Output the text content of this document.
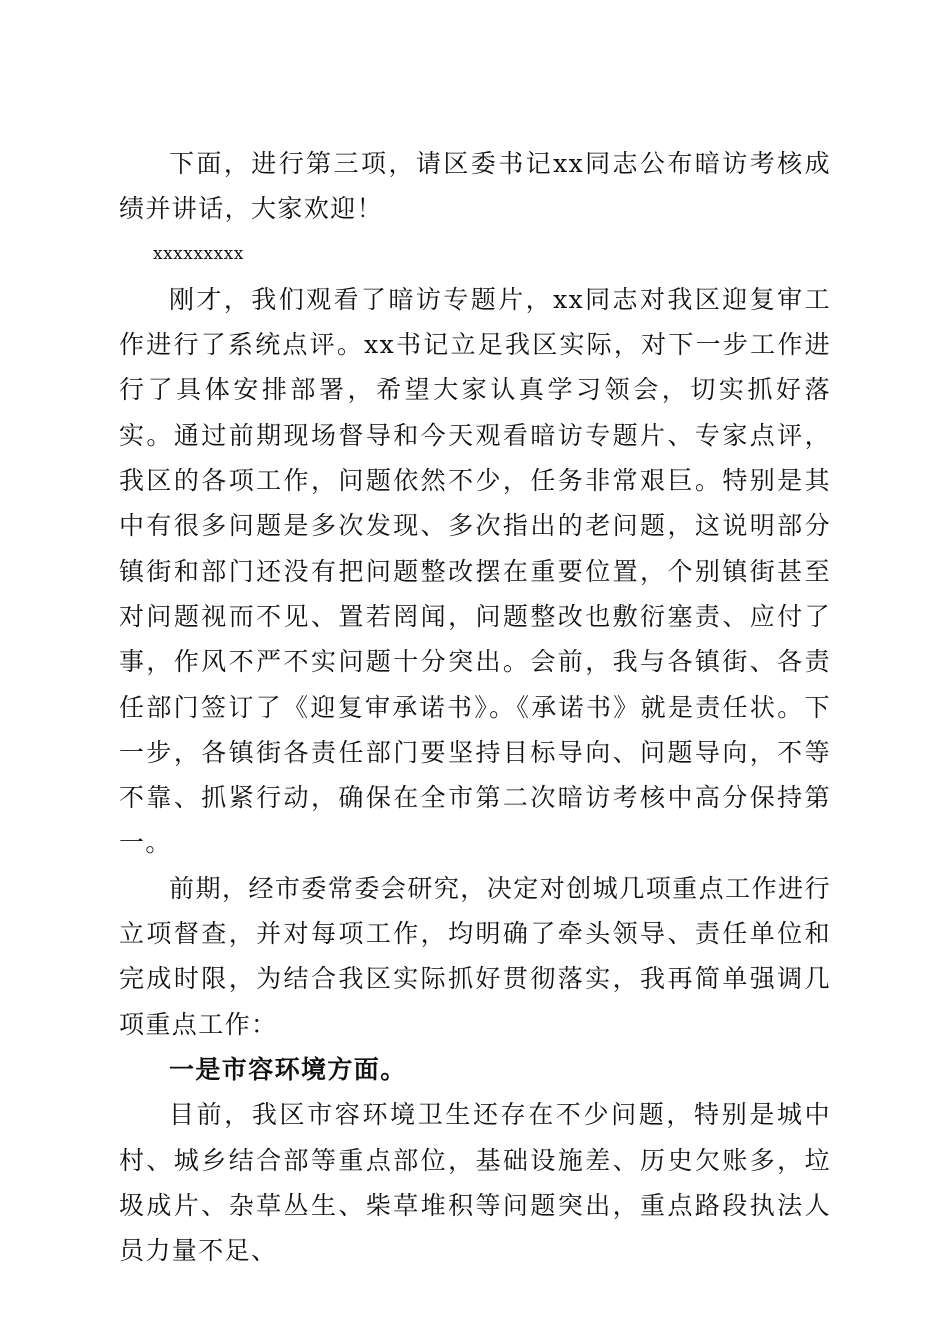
下面，进行第三项，请区委书记xx同志公布暗访考核成绩并讲话，大家欢迎！

xxxxxxxxx

刚才，我们观看了暗访专题片，xx同志对我区迎复审工作进行了系统点评。xx书记立足我区实际，对下一步工作进行了具体安排部署，希望大家认真学习领会，切实抓好落实。通过前期现场督导和今天观看暗访专题片、专家点评，我区的各项工作，问题依然不少，任务非常艰巨。特别是其中有很多问题是多次发现、多次指出的老问题，这说明部分镇街和部门还没有把问题整改摆在重要位置，个别镇街甚至对问题视而不见、置若罔闻，问题整改也敷衍塞责、应付了事，作风不严不实问题十分突出。会前，我与各镇街、各责任部门签订了《迎复审承诺书》。《承诺书》就是责任状。下一步，各镇街各责任部门要坚持目标导向、问题导向，不等不靠、抓紧行动，确保在全市第二次暗访考核中高分保持第一。

前期，经市委常委会研究，决定对创城几项重点工作进行立项督查，并对每项工作，均明确了牵头领导、责任单位和完成时限，为结合我区实际抓好贯彻落实，我再简单强调几项重点工作：

一是市容环境方面。

目前，我区市容环境卫生还存在不少问题，特别是城中村、城乡结合部等重点部位，基础设施差、历史欠账多，垃圾成片、杂草丛生、柴草堆积等问题突出，重点路段执法人员力量不足、
